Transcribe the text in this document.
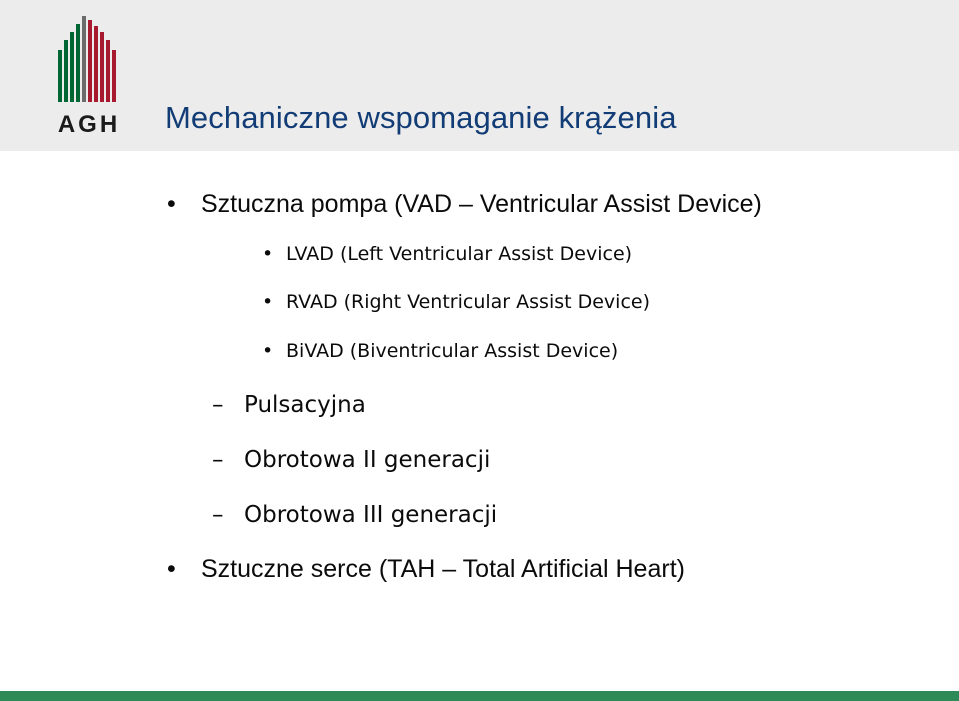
AGH Mechaniczne wspomaganie krążenia
• Sztuczna pompa (VAD – Ventricular Assist Device)
• LVAD (Left Ventricular Assist Device)
• RVAD (Right Ventricular Assist Device)
• BiVAD (Biventricular Assist Device)
– Pulsacyjna
– Obrotowa II generacji
– Obrotowa III generacji
• Sztuczne serce (TAH – Total Artificial Heart)
